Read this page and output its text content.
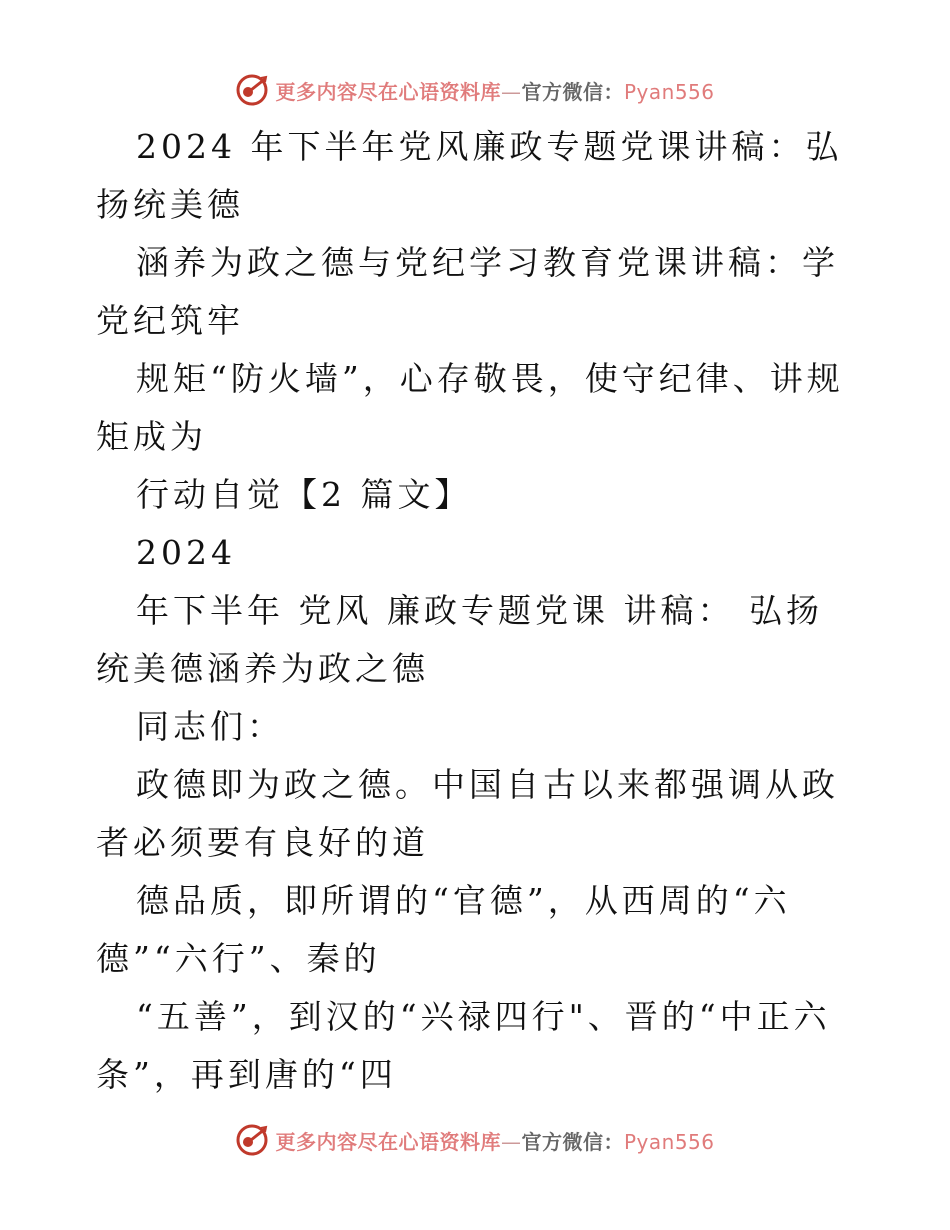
更多内容尽在心语资料库—官方微信：Pyan556

2024 年下半年党风廉政专题党课讲稿：弘扬统美德

涵养为政之德与党纪学习教育党课讲稿：学党纪筑牢

规矩“防火墙”，心存敬畏，使守纪律、讲规矩成为

行动自觉【2 篇文】

2024

年下半年 党风 廉政专题党课 讲稿： 弘扬统美德涵养为政之德

同志们：

政德即为政之德。中国自古以来都强调从政者必须要有良好的道

德品质，即所谓的“官德”，从西周的“六 德”“六行”、秦的

“五善”，到汉的“兴禄四行"、晋的“中正六条”，再到唐的“四

更多内容尽在心语资料库—官方微信：Pyan556
